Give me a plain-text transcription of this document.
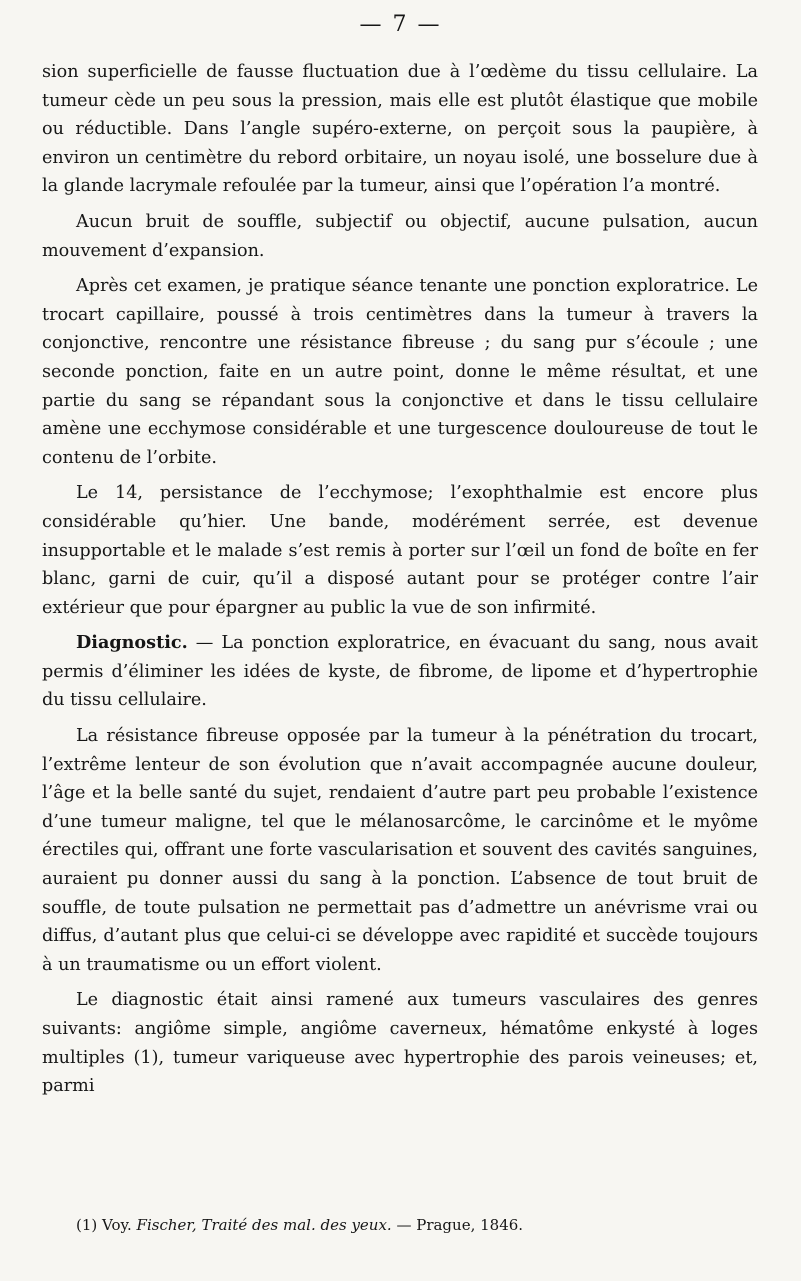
— 7 —

sion superficielle de fausse fluctuation due à l’œdème du tissu cellulaire. La tumeur cède un peu sous la pression, mais elle est plutôt élastique que mobile ou réductible. Dans l’angle supéro-externe, on perçoit sous la paupière, à environ un centimètre du rebord orbitaire, un noyau isolé, une bosselure due à la glande lacrymale refoulée par la tumeur, ainsi que l’opération l’a montré.

Aucun bruit de souffle, subjectif ou objectif, aucune pulsation, aucun mouvement d’expansion.

Après cet examen, je pratique séance tenante une ponction exploratrice. Le trocart capillaire, poussé à trois centimètres dans la tumeur à travers la conjonctive, rencontre une résistance fibreuse ; du sang pur s’écoule ; une seconde ponction, faite en un autre point, donne le même résultat, et une partie du sang se répandant sous la conjonctive et dans le tissu cellulaire amène une ecchymose considérable et une turgescence douloureuse de tout le contenu de l’orbite.

Le 14, persistance de l’ecchymose; l’exophthalmie est encore plus considérable qu’hier. Une bande, modérément serrée, est devenue insupportable et le malade s’est remis à porter sur l’œil un fond de boîte en fer blanc, garni de cuir, qu’il a disposé autant pour se protéger contre l’air extérieur que pour épargner au public la vue de son infirmité.

Diagnostic. — La ponction exploratrice, en évacuant du sang, nous avait permis d’éliminer les idées de kyste, de fibrome, de lipome et d’hypertrophie du tissu cellulaire.

La résistance fibreuse opposée par la tumeur à la pénétration du trocart, l’extrême lenteur de son évolution que n’avait accompagnée aucune douleur, l’âge et la belle santé du sujet, rendaient d’autre part peu probable l’existence d’une tumeur maligne, tel que le mélanosarcôme, le carcinôme et le myôme érectiles qui, offrant une forte vascularisation et souvent des cavités sanguines, auraient pu donner aussi du sang à la ponction. L’absence de tout bruit de souffle, de toute pulsation ne permettait pas d’admettre un anévrisme vrai ou diffus, d’autant plus que celui-ci se développe avec rapidité et succède toujours à un traumatisme ou un effort violent.

Le diagnostic était ainsi ramené aux tumeurs vasculaires des genres suivants: angiôme simple, angiôme caverneux, hématôme enkysté à loges multiples (1), tumeur variqueuse avec hypertrophie des parois veineuses; et, parmi

(1) Voy. Fischer, Traité des mal. des yeux. — Prague, 1846.
